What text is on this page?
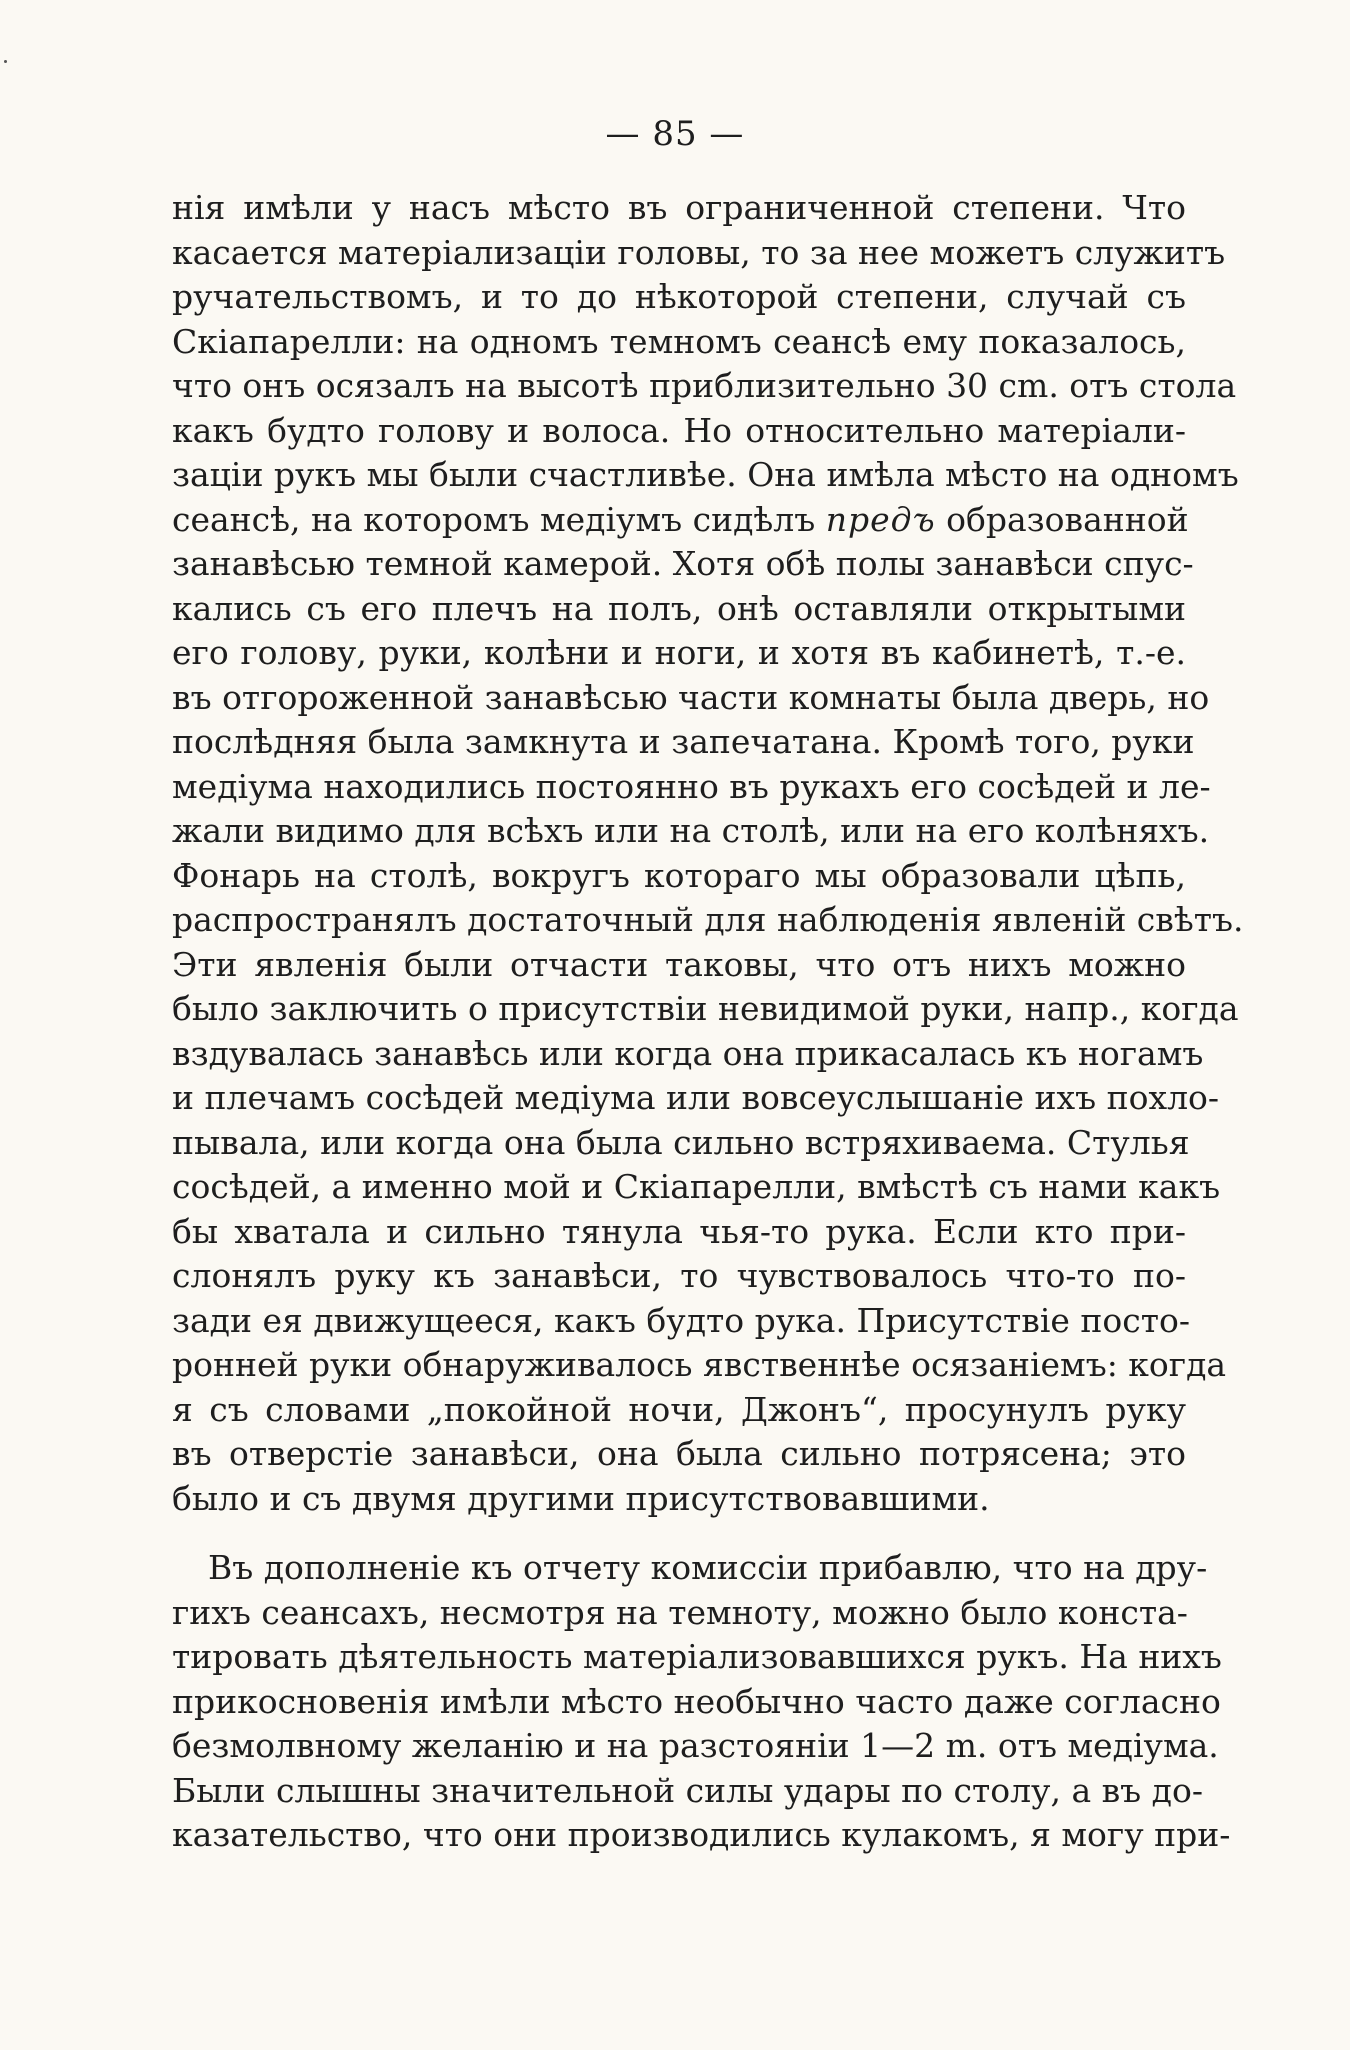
— 85 —
нія имѣли у насъ мѣсто въ ограниченной степени. Что
касается матеріализаціи головы, то за нее можетъ служитъ
ручательствомъ, и то до нѣкоторой степени, случай съ
Скіапарелли: на одномъ темномъ сеансѣ ему показалось,
что онъ осязалъ на высотѣ приблизительно 30 cm. отъ стола
какъ будто голову и волоса. Но относительно матеріали-
заціи рукъ мы были счастливѣе. Она имѣла мѣсто на одномъ
сеансѣ, на которомъ медіумъ сидѣлъ предъ образованной
занавѣсью темной камерой. Хотя обѣ полы занавѣси спус-
кались съ его плечъ на полъ, онѣ оставляли открытыми
его голову, руки, колѣни и ноги, и хотя въ кабинетѣ, т.-е.
въ отгороженной занавѣсью части комнаты была дверь, но
послѣдняя была замкнута и запечатана. Кромѣ того, руки
медіума находились постоянно въ рукахъ его сосѣдей и ле-
жали видимо для всѣхъ или на столѣ, или на его колѣняхъ.
Фонарь на столѣ, вокругъ котораго мы образовали цѣпь,
распространялъ достаточный для наблюденія явленій свѣтъ.
Эти явленія были отчасти таковы, что отъ нихъ можно
было заключить о присутствіи невидимой руки, напр., когда
вздувалась занавѣсь или когда она прикасалась къ ногамъ
и плечамъ сосѣдей медіума или вовсеуслышаніе ихъ похло-
пывала, или когда она была сильно встряхиваема. Стулья
сосѣдей, а именно мой и Скіапарелли, вмѣстѣ съ нами какъ
бы хватала и сильно тянула чья-то рука. Если кто при-
слонялъ руку къ занавѣси, то чувствовалось что-то по-
зади ея движущееся, какъ будто рука. Присутствіе посто-
ронней руки обнаруживалось явственнѣе осязаніемъ: когда
я съ словами „покойной ночи, Джонъ“, просунулъ руку
въ отверстіе занавѣси, она была сильно потрясена; это
было и съ двумя другими присутствовавшими.
Въ дополненіе къ отчету комиссіи прибавлю, что на дру-
гихъ сеансахъ, несмотря на темноту, можно было конста-
тировать дѣятельность матеріализовавшихся рукъ. На нихъ
прикосновенія имѣли мѣсто необычно часто даже согласно
безмолвному желанію и на разстояніи 1—2 m. отъ медіума.
Были слышны значительной силы удары по столу, а въ до-
казательство, что они производились кулакомъ, я могу при-
